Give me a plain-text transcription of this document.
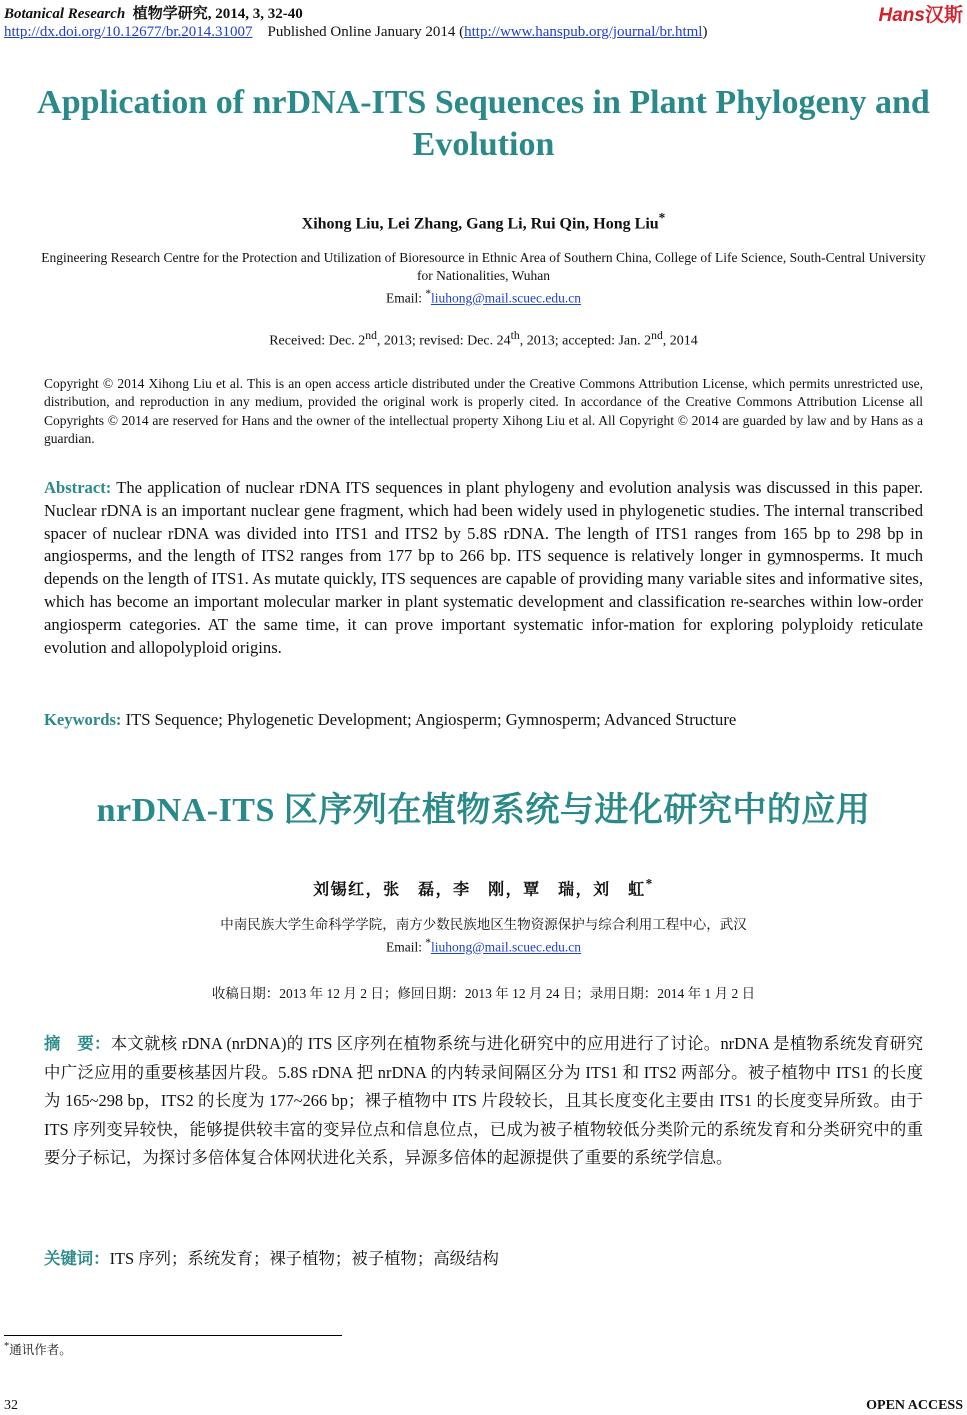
Botanical Research 植物学研究, 2014, 3, 32-40
http://dx.doi.org/10.12677/br.2014.31007 Published Online January 2014 (http://www.hanspub.org/journal/br.html)
Hans汉斯
Application of nrDNA-ITS Sequences in Plant Phylogeny and Evolution
Xihong Liu, Lei Zhang, Gang Li, Rui Qin, Hong Liu*
Engineering Research Centre for the Protection and Utilization of Bioresource in Ethnic Area of Southern China, College of Life Science, South-Central University for Nationalities, Wuhan
Email: *liuhong@mail.scuec.edu.cn
Received: Dec. 2nd, 2013; revised: Dec. 24th, 2013; accepted: Jan. 2nd, 2014
Copyright © 2014 Xihong Liu et al. This is an open access article distributed under the Creative Commons Attribution License, which permits unrestricted use, distribution, and reproduction in any medium, provided the original work is properly cited. In accordance of the Creative Commons Attribution License all Copyrights © 2014 are reserved for Hans and the owner of the intellectual property Xihong Liu et al. All Copyright © 2014 are guarded by law and by Hans as a guardian.
Abstract: The application of nuclear rDNA ITS sequences in plant phylogeny and evolution analysis was discussed in this paper. Nuclear rDNA is an important nuclear gene fragment, which had been widely used in phylogenetic studies. The internal transcribed spacer of nuclear rDNA was divided into ITS1 and ITS2 by 5.8S rDNA. The length of ITS1 ranges from 165 bp to 298 bp in angiosperms, and the length of ITS2 ranges from 177 bp to 266 bp. ITS sequence is relatively longer in gymnosperms. It much depends on the length of ITS1. As mutate quickly, ITS sequences are capable of providing many variable sites and informative sites, which has become an important molecular marker in plant systematic development and classification re-searches within low-order angiosperm categories. AT the same time, it can prove important systematic infor-mation for exploring polyploidy reticulate evolution and allopolyploid origins.
Keywords: ITS Sequence; Phylogenetic Development; Angiosperm; Gymnosperm; Advanced Structure
nrDNA-ITS 区序列在植物系统与进化研究中的应用
刘锡红，张　磊，李　刚，覃　瑞，刘　虹*
中南民族大学生命科学学院，南方少数民族地区生物资源保护与综合利用工程中心，武汉
Email: *liuhong@mail.scuec.edu.cn
收稿日期：2013 年 12 月 2 日；修回日期：2013 年 12 月 24 日；录用日期：2014 年 1 月 2 日
摘　要：本文就核 rDNA (nrDNA)的 ITS 区序列在植物系统与进化研究中的应用进行了讨论。nrDNA 是植物系统发育研究中广泛应用的重要核基因片段。5.8S rDNA 把 nrDNA 的内转录间隔区分为 ITS1 和 ITS2 两部分。被子植物中 ITS1 的长度为 165~298 bp，ITS2 的长度为 177~266 bp；裸子植物中 ITS 片段较长，且其长度变化主要由 ITS1 的长度变异所致。由于 ITS 序列变异较快，能够提供较丰富的变异位点和信息位点，已成为被子植物较低分类阶元的系统发育和分类研究中的重要分子标记，为探讨多倍体复合体网状进化关系，异源多倍体的起源提供了重要的系统学信息。
关键词：ITS 序列；系统发育；裸子植物；被子植物；高级结构
*通讯作者。
32	OPEN ACCESS
